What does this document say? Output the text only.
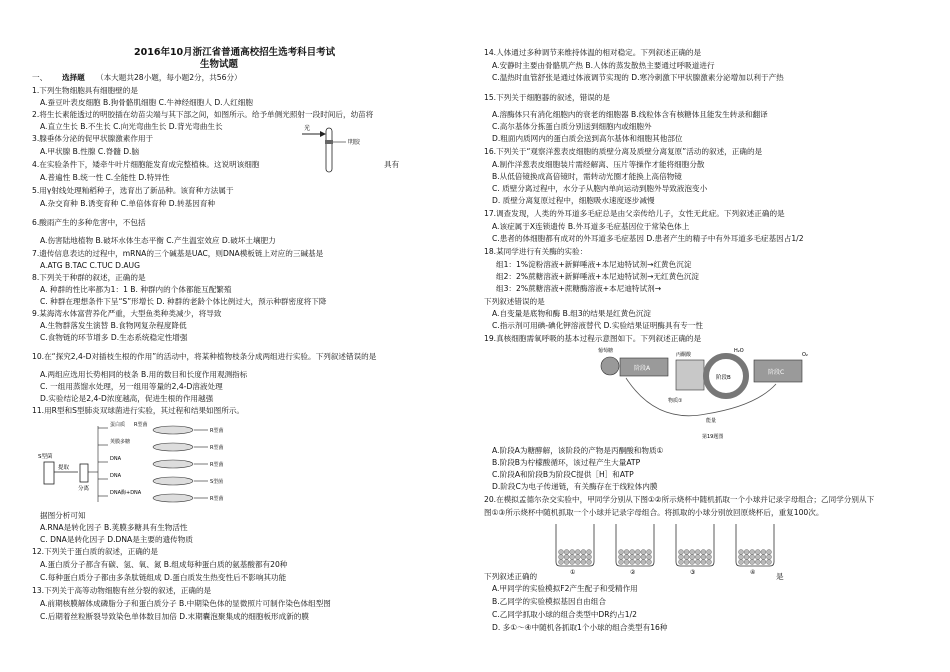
2016年10月浙江省普通高校招生选考科目考试
生物试题
一、 选择题 （本大题共28小题，每小题2分，共56分）
1.下列生物细胞具有细胞壁的是
A.蚕豆叶表皮细胞 B.狗骨骼肌细胞 C.牛神经细胞人 D.人红细胞
2.将生长素能透过的明胶插在幼苗尖端与其下部之间，如图所示。给予单侧光照射一段时间后，幼苗将
A.直立生长 B.不生长 C.向光弯曲生长 D.背光弯曲生长
3.腺垂体分泌的促甲状腺激素作用于
A.甲状腺 B.性腺 C.脊髓 D.脑
4.在实验条件下，矮牵牛叶片细胞能发育成完整植株。这说明该细胞	具有
A.普遍性 B.统一性 C.全能性 D.特异性
5.用γ射线处理籼稻种子，选育出了新品种。该育种方法属于
A.杂交育种 B.诱变育种 C.单倍体育种 D.转基因育种
6.酸雨产生的多种危害中，不包括
A.伤害陆地植物 B.破坏水体生态平衡 C.产生温室效应 D.破坏土壤肥力
7.遗传信息表达的过程中，mRNA的三个碱基是UAC，则DNA模板链上对应的三碱基是
A.ATG B.TAC C.TUC D.AUG
8.下列关于种群的叙述，正确的是
A. 种群的性比率都为1：1 B. 种群内的个体都能互配繁殖
C. 种群在理想条件下呈“S”形增长 D. 种群的老龄个体比例过大，预示种群密度将下降
9.某海湾水体富营养化严重，大型鱼类种类减少，将导致
A.生物群落发生演替 B.食物网复杂程度降低
C.食物链的环节增多 D.生态系统稳定性增强
10.在“探究2,4-D对插枝生根的作用”的活动中，将某种植物枝条分成两组进行实验。下列叙述错误的是
A.两组应选用长势相同的枝条 B.用的数目和长度作用观测指标
C. 一组用蒸馏水处理，另一组用等量的2,4-D溶液处理
D.实验结论是2,4-D浓度越高，促进生根的作用越强
11.用R型和S型肺炎双球菌进行实验，其过程和结果如图所示。
据图分析可知
A.RNA是转化因子 B.荚膜多糖具有生物活性
C. DNA是转化因子 D.DNA是主要的遗传物质
12.下列关于蛋白质的叙述，正确的是
A.蛋白质分子都含有碳、氢、氧、氮 B.组成每种蛋白质的氨基酸都有20种
C.每种蛋白质分子都由多条肽链组成 D.蛋白质发生热变性后不影响其功能
13.下列关于高等动物细胞有丝分裂的叙述，正确的是
A.前期核膜解体成磷脂分子和蛋白质分子 B.中期染色体的显微照片可制作染色体组型图
C.后期着丝粒断裂导致染色单体数目加倍 D.末期囊泡聚集成的细胞板形成新的膜
光
明胶
S型菌
提取
分离
蛋白质
R型菌
荚膜多糖
R型菌
DNA
R型菌
DNA
S型菌
DNA酶+DNA
R型菌
R型菌
14.人体通过多种调节来维持体温的相对稳定。下列叙述正确的是
A.安静时主要由骨骼肌产热 B.人体的蒸发散热主要通过呼吸道进行
C.温热时血管舒张是通过体液调节实现的 D.寒冷刺激下甲状腺激素分泌增加以利于产热
15.下列关于细胞器的叙述，错误的是
A.溶酶体只有消化细胞内的衰老的细胞器 B.线粒体含有核糖体且能发生转录和翻译
C.高尔基体分拣蛋白质分别送到细胞内或细胞外
D.粗面内质网内的蛋白质会送到高尔基体和细胞其他部位
16.下列关于“观察洋葱表皮细胞的质壁分离及质壁分离复原”活动的叙述，正确的是
A.制作洋葱表皮细胞装片需经解离、压片等操作才能将细胞分散
B.从低倍镜换成高倍镜时，需转动光圈才能换上高倍物镜
C. 质壁分离过程中，水分子从胞内单向运动到胞外导致液泡变小
D. 质壁分离复原过程中，细胞吸水速度逐步减慢
17.调查发现，人类的外耳道多毛症总是由父亲传给儿子，女性无此症。下列叙述正确的是
A.该症属于X连锁遗传 B.外耳道多毛症基因位于常染色体上
C.患者的体细胞都有成对的外耳道多毛症基因 D.患者产生的精子中有外耳道多毛症基因占1/2
18.某同学进行有关酶的实验：
组1：1%淀粉溶液+新鲜唾液+本尼迪特试剂→红黄色沉淀
组2：2%蔗糖溶液+新鲜唾液+本尼迪特试剂→无红黄色沉淀
组3：2%蔗糖溶液+蔗糖酶溶液+本尼迪特试剂→
下列叙述错误的是
A.自变量是底物和酶 B.组3的结果是红黄色沉淀
C.指示剂可用碘-碘化钾溶液替代 D.实验结果证明酶具有专一性
19.真核细胞需氧呼吸的基本过程示意图如下。下列叙述正确的是
A.阶段A为糖酵解，该阶段的产物是丙酮酸和物质①
B.阶段B为柠檬酸循环，该过程产生大量ATP
C.阶段A和阶段B为阶段C提供［H］和ATP
D.阶段C为电子传递链，有关酶存在于线粒体内膜
20.在模拟孟德尔杂交实验中，甲同学分别从下图①②所示烧杯中随机抓取一个小球并记录字母组合；乙同学分别从下
图①③所示烧杯中随机抓取一个小球并记录字母组合。将抓取的小球分别放回原烧杯后，重复100次。
下列叙述正确的	是
A.甲同学的实验模拟F2产生配子和受精作用
B.乙同学的实验模拟基因自由组合
C.乙同学抓取小球的组合类型中DR约占1/2
D. 多①～④中随机各抓取1个小球的组合类型有16种
葡萄糖
阶段A
丙酮酸
阶段B
阶段C
H₂O
O₂
物质①
能量
第19题图
①	②	③	④
